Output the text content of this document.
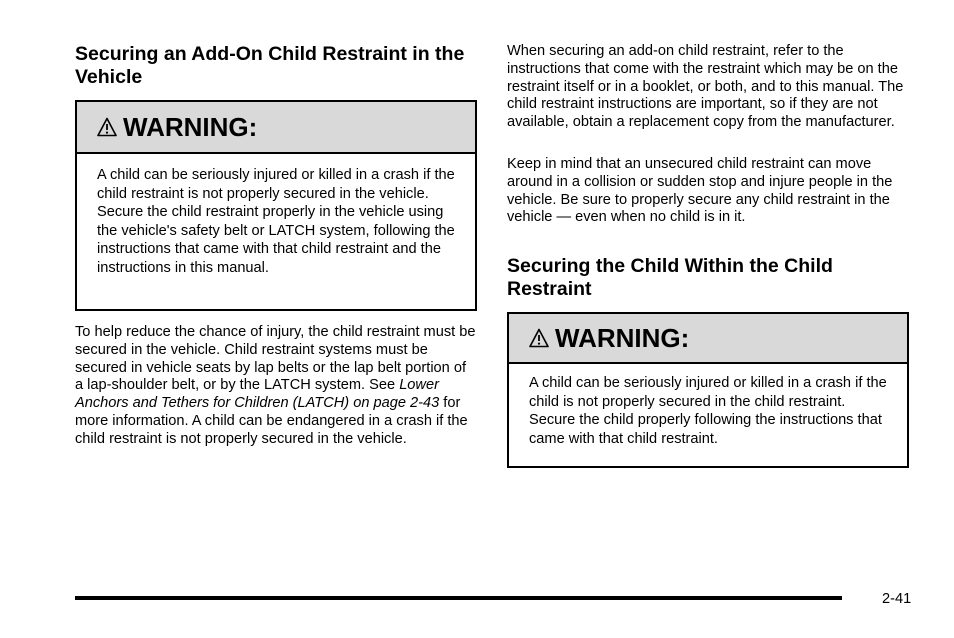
Securing an Add-On Child Restraint in the Vehicle
WARNING:
A child can be seriously injured or killed in a crash if the child restraint is not properly secured in the vehicle. Secure the child restraint properly in the vehicle using the vehicle's safety belt or LATCH system, following the instructions that came with that child restraint and the instructions in this manual.

To help reduce the chance of injury, the child restraint must be secured in the vehicle. Child restraint systems must be secured in vehicle seats by lap belts or the lap belt portion of a lap-shoulder belt, or by the LATCH system. See Lower Anchors and Tethers for Children (LATCH) on page 2-43 for more information. A child can be endangered in a crash if the child restraint is not properly secured in the vehicle.

When securing an add-on child restraint, refer to the instructions that come with the restraint which may be on the restraint itself or in a booklet, or both, and to this manual. The child restraint instructions are important, so if they are not available, obtain a replacement copy from the manufacturer.

Keep in mind that an unsecured child restraint can move around in a collision or sudden stop and injure people in the vehicle. Be sure to properly secure any child restraint in the vehicle — even when no child is in it.

Securing the Child Within the Child Restraint
WARNING:
A child can be seriously injured or killed in a crash if the child is not properly secured in the child restraint. Secure the child properly following the instructions that came with that child restraint.
2-41
